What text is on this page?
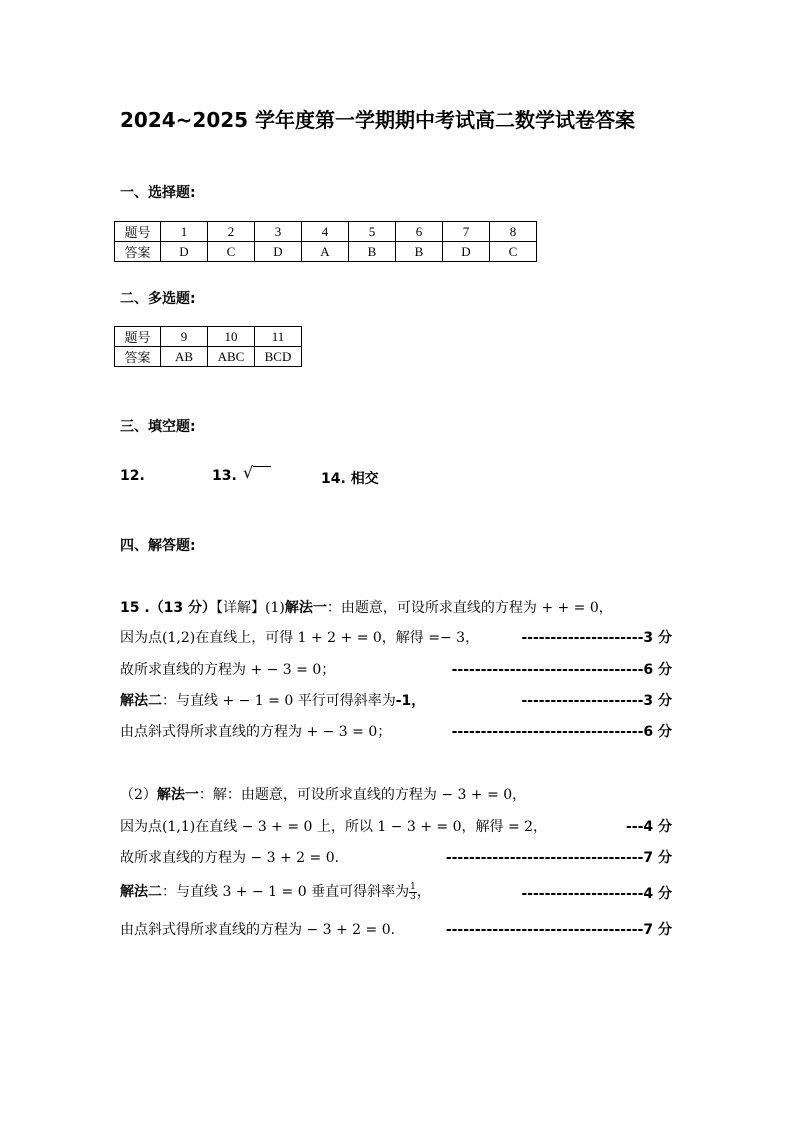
2024~2025 学年度第一学期期中考试高二数学试卷答案
一、选择题:
题号	1	2	3	4	5	6	7	8
答案	D	C	D	A	B	B	D	C
二、多选题:
题号	9	10	11
答案	AB	ABC	BCD
三、填空题:
12.	13. √	14. 相交
四、解答题:
15 .（13 分）【详解】(1)解法一：由题意，可设所求直线的方程为 + + = 0，
因为点(1,2)在直线上，可得 1 + 2 + = 0，解得 =− 3，	---------------------3 分
故所求直线的方程为 + − 3 = 0；	---------------------------------6 分
解法二：与直线 + − 1 = 0 平行可得斜率为-1，	---------------------3 分
由点斜式得所求直线的方程为 + − 3 = 0；	---------------------------------6 分
（2）解法一：解：由题意，可设所求直线的方程为 − 3 + = 0，
因为点(1,1)在直线 − 3 + = 0 上，所以 1 − 3 + = 0，解得 = 2，	---4 分
故所求直线的方程为 − 3 + 2 = 0.	----------------------------------7 分
解法二：与直线 3 + − 1 = 0 垂直可得斜率为 $\frac{1}{3}$ ，	---------------------4 分
由点斜式得所求直线的方程为 − 3 + 2 = 0.	----------------------------------7 分
